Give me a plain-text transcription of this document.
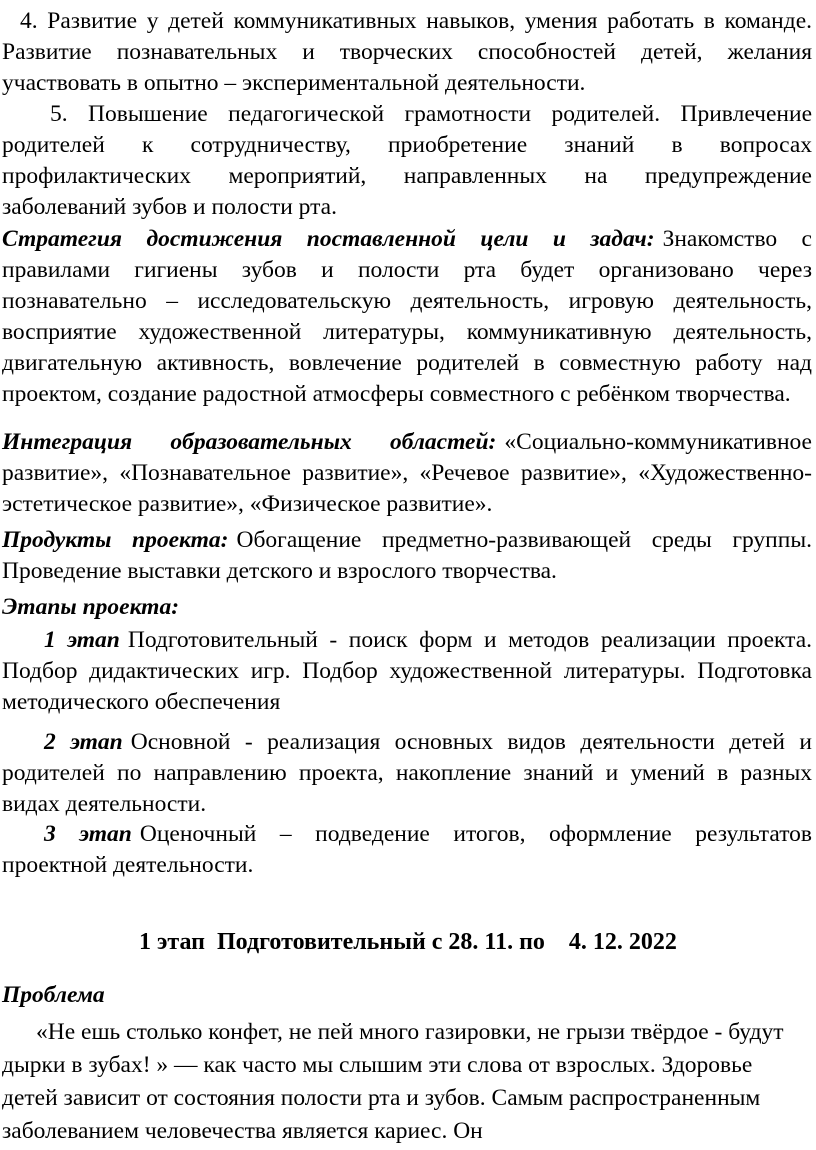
4. Развитие у детей коммуникативных навыков, умения работать в команде. Развитие познавательных и творческих способностей детей, желания участвовать в опытно – экспериментальной деятельности.

5. Повышение педагогической грамотности родителей. Привлечение родителей к сотрудничеству, приобретение знаний в вопросах профилактических мероприятий, направленных на предупреждение заболеваний зубов и полости рта.

Стратегия достижения поставленной цели и задач: Знакомство с правилами гигиены зубов и полости рта будет организовано через познавательно – исследовательскую деятельность, игровую деятельность, восприятие художественной литературы, коммуникативную деятельность, двигательную активность, вовлечение родителей в совместную работу над проектом, создание радостной атмосферы совместного с ребёнком творчества.

Интеграция образовательных областей: «Социально-коммуникативное развитие», «Познавательное развитие», «Речевое развитие», «Художественно-эстетическое развитие», «Физическое развитие».

Продукты проекта: Обогащение предметно-развивающей среды группы. Проведение выставки детского и взрослого творчества.

Этапы проекта:

1 этап Подготовительный - поиск форм и методов реализации проекта. Подбор дидактических игр. Подбор художественной литературы. Подготовка методического обеспечения

2 этап Основной - реализация основных видов деятельности детей и родителей по направлению проекта, накопление знаний и умений в разных видах деятельности.

3 этап Оценочный – подведение итогов, оформление результатов проектной деятельности.

1 этап  Подготовительный с 28. 11. по    4. 12. 2022

Проблема

«Не ешь столько конфет, не пей много газировки, не грызи твёрдое - будут дырки в зубах! » — как часто мы слышим эти слова от взрослых. Здоровье детей зависит от состояния полости рта и зубов. Самым распространенным заболеванием человечества является кариес. Он
